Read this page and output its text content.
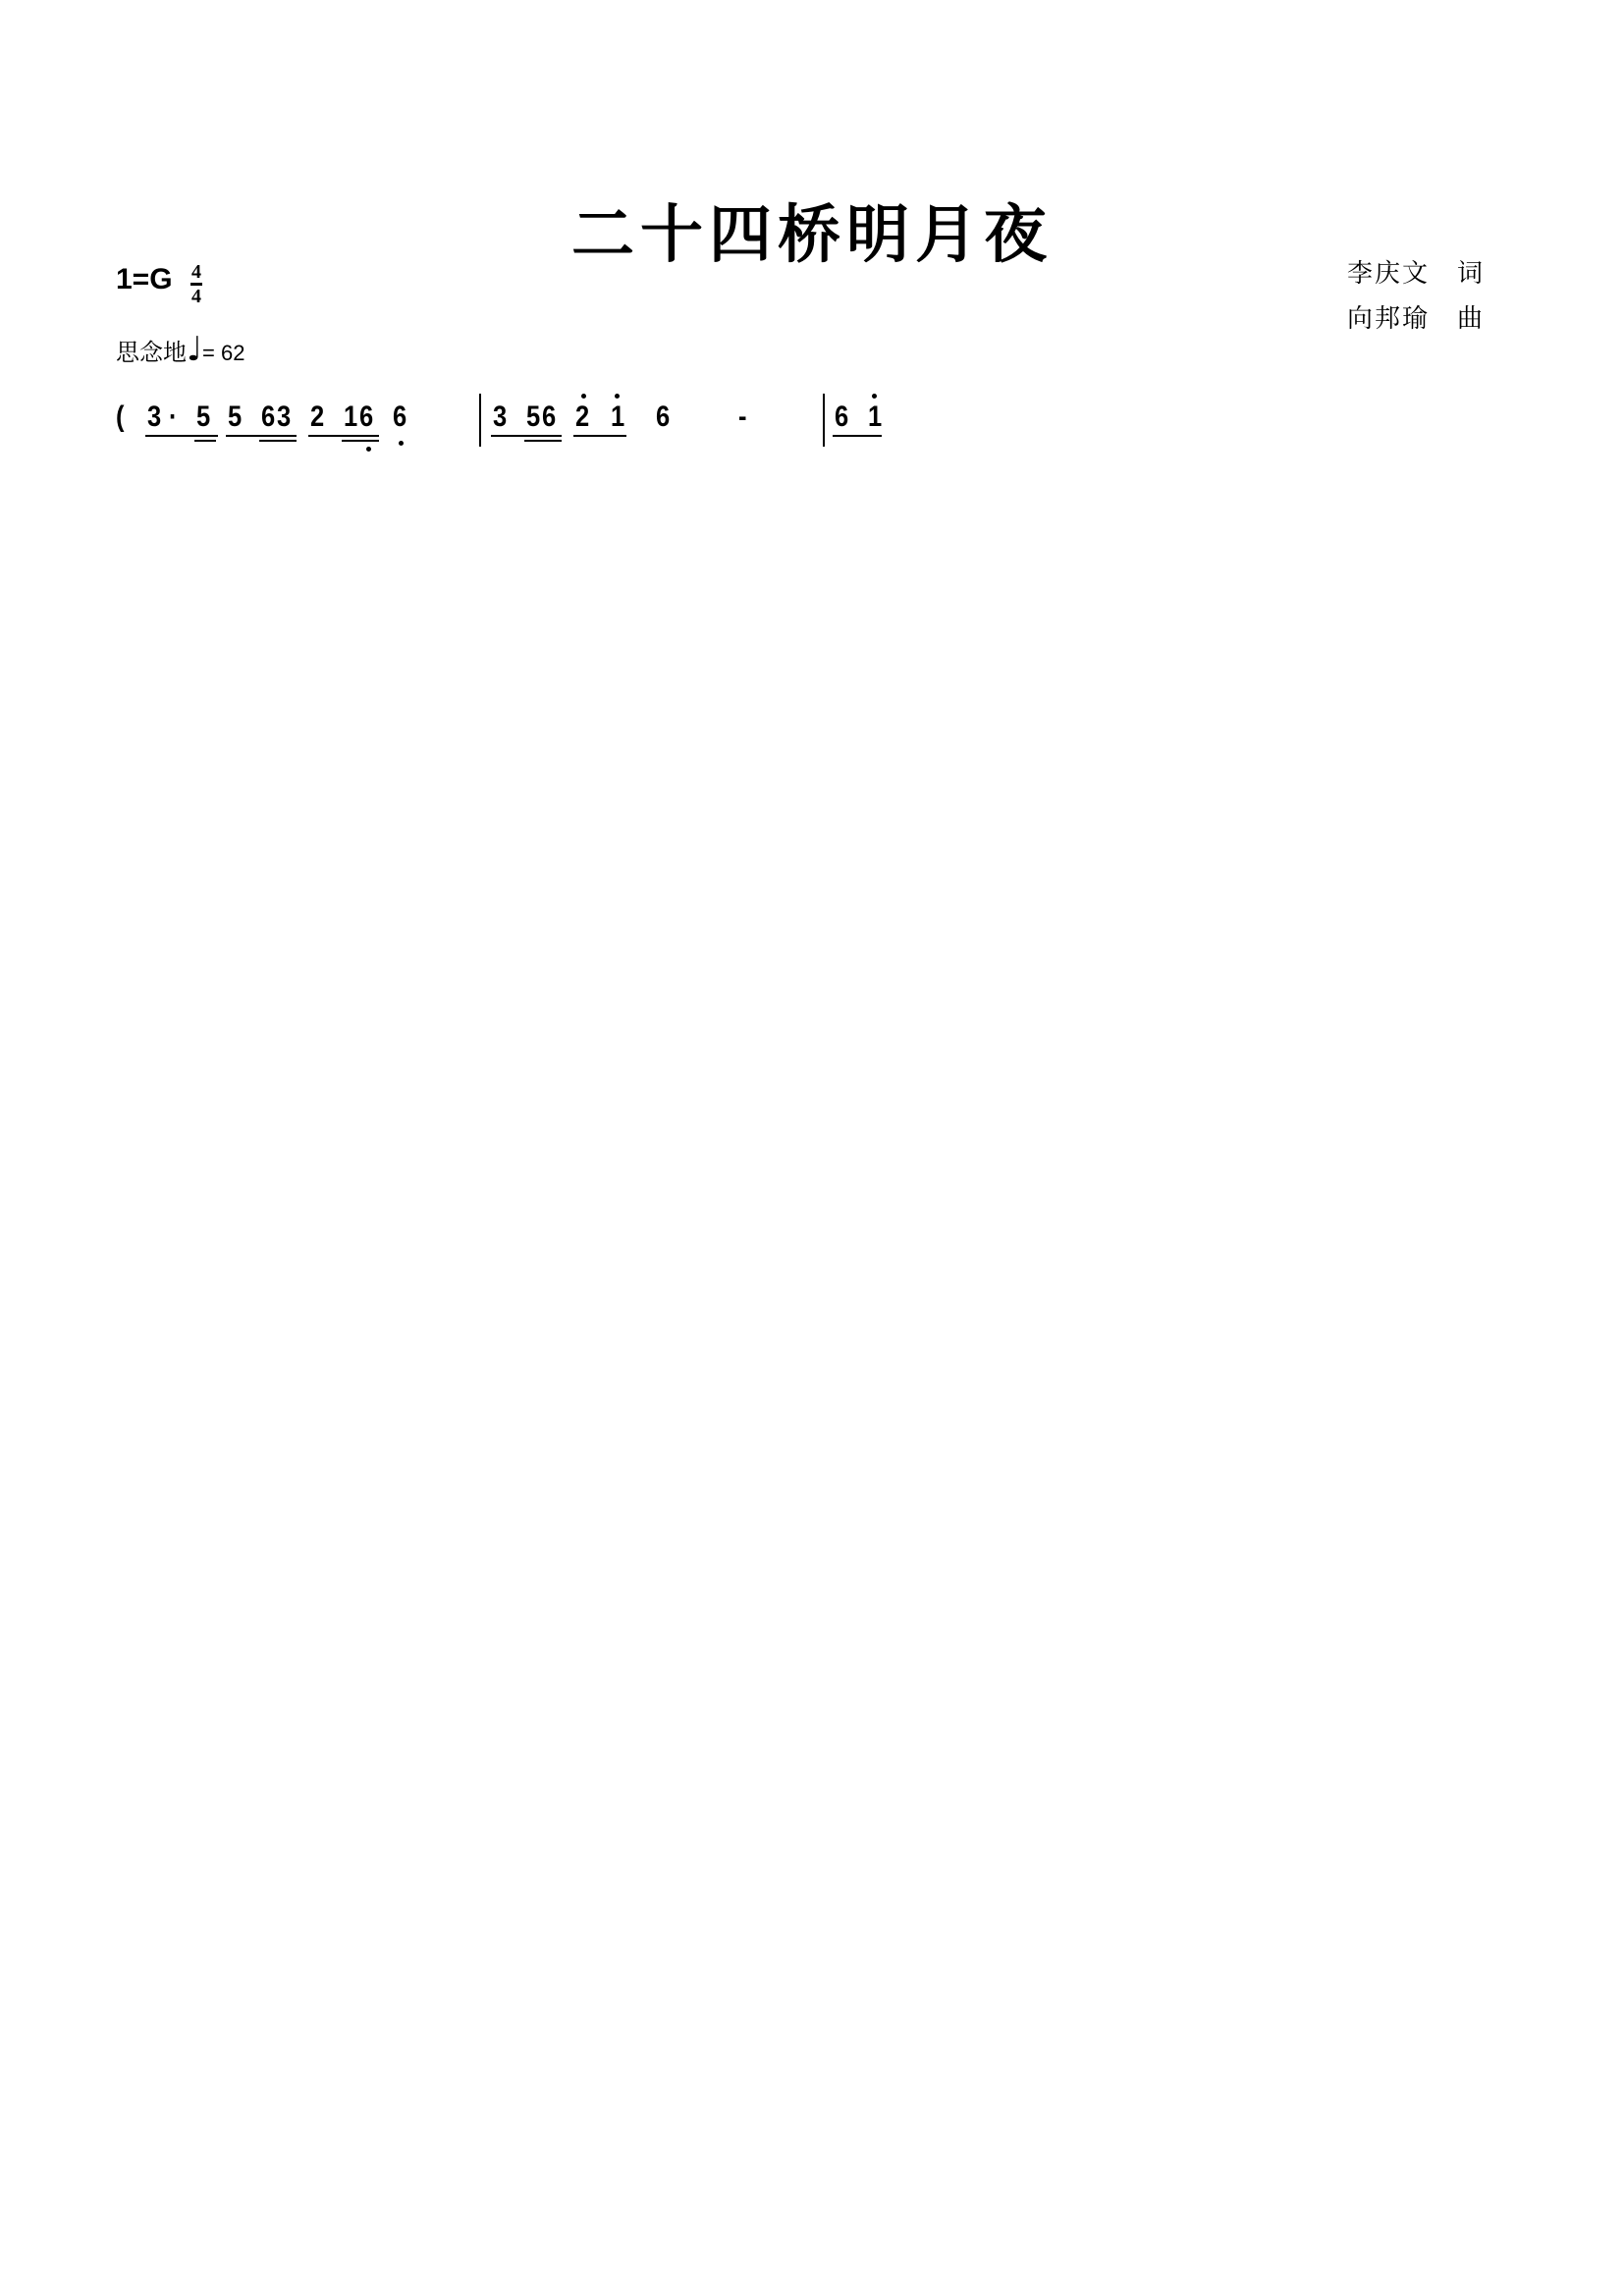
二十四桥明月夜
李庆文　词
向邦瑜　曲
$1=G \frac{4}{4}$
思念地♩= 62
( 3 · 5 5 6 3 2 1 6 6	3 5 6 2 1 6 -	6 1
